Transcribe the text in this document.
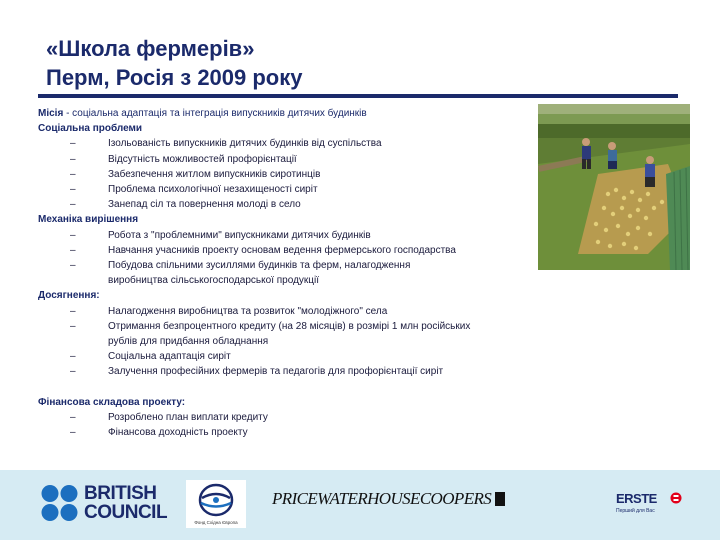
«Школа фермерів»
Перм, Росія з 2009 року
Місія - соціальна адаптація та інтеграція випускників дитячих будинків
Соціальна проблеми
– Ізольованість випускників дитячих будинків від суспільства
– Відсутність можливостей профорієнтації
– Забезпечення житлом випускників сиротинців
– Проблема психологічної незахищеності сиріт
– Занепад сіл та повернення молоді в село
Механіка вирішення
– Робота з "проблемними" випускниками дитячих будинків
– Навчання учасників проекту основам ведення фермерського господарства
– Побудова спільними зусиллями будинків та ферм, налагодження виробництва сільськогосподарської продукції
Досягнення:
– Налагодження виробництва та розвиток "молодіжного" села
– Отримання безпроцентного кредиту (на 28 місяців) в розмірі 1 млн російських рублів для придбання обладнання
– Соціальна адаптація сиріт
– Залучення професійних фермерів та педагогів для профорієнтації сиріт
Фінансова складова проекту:
– Розроблено план виплати кредиту
– Фінансова доходність проекту
BRITISH
COUNCIL	Фонд Східна Європа
PRICEWATERHOUSECOOPERS	ERSTE
Перший для Вас
